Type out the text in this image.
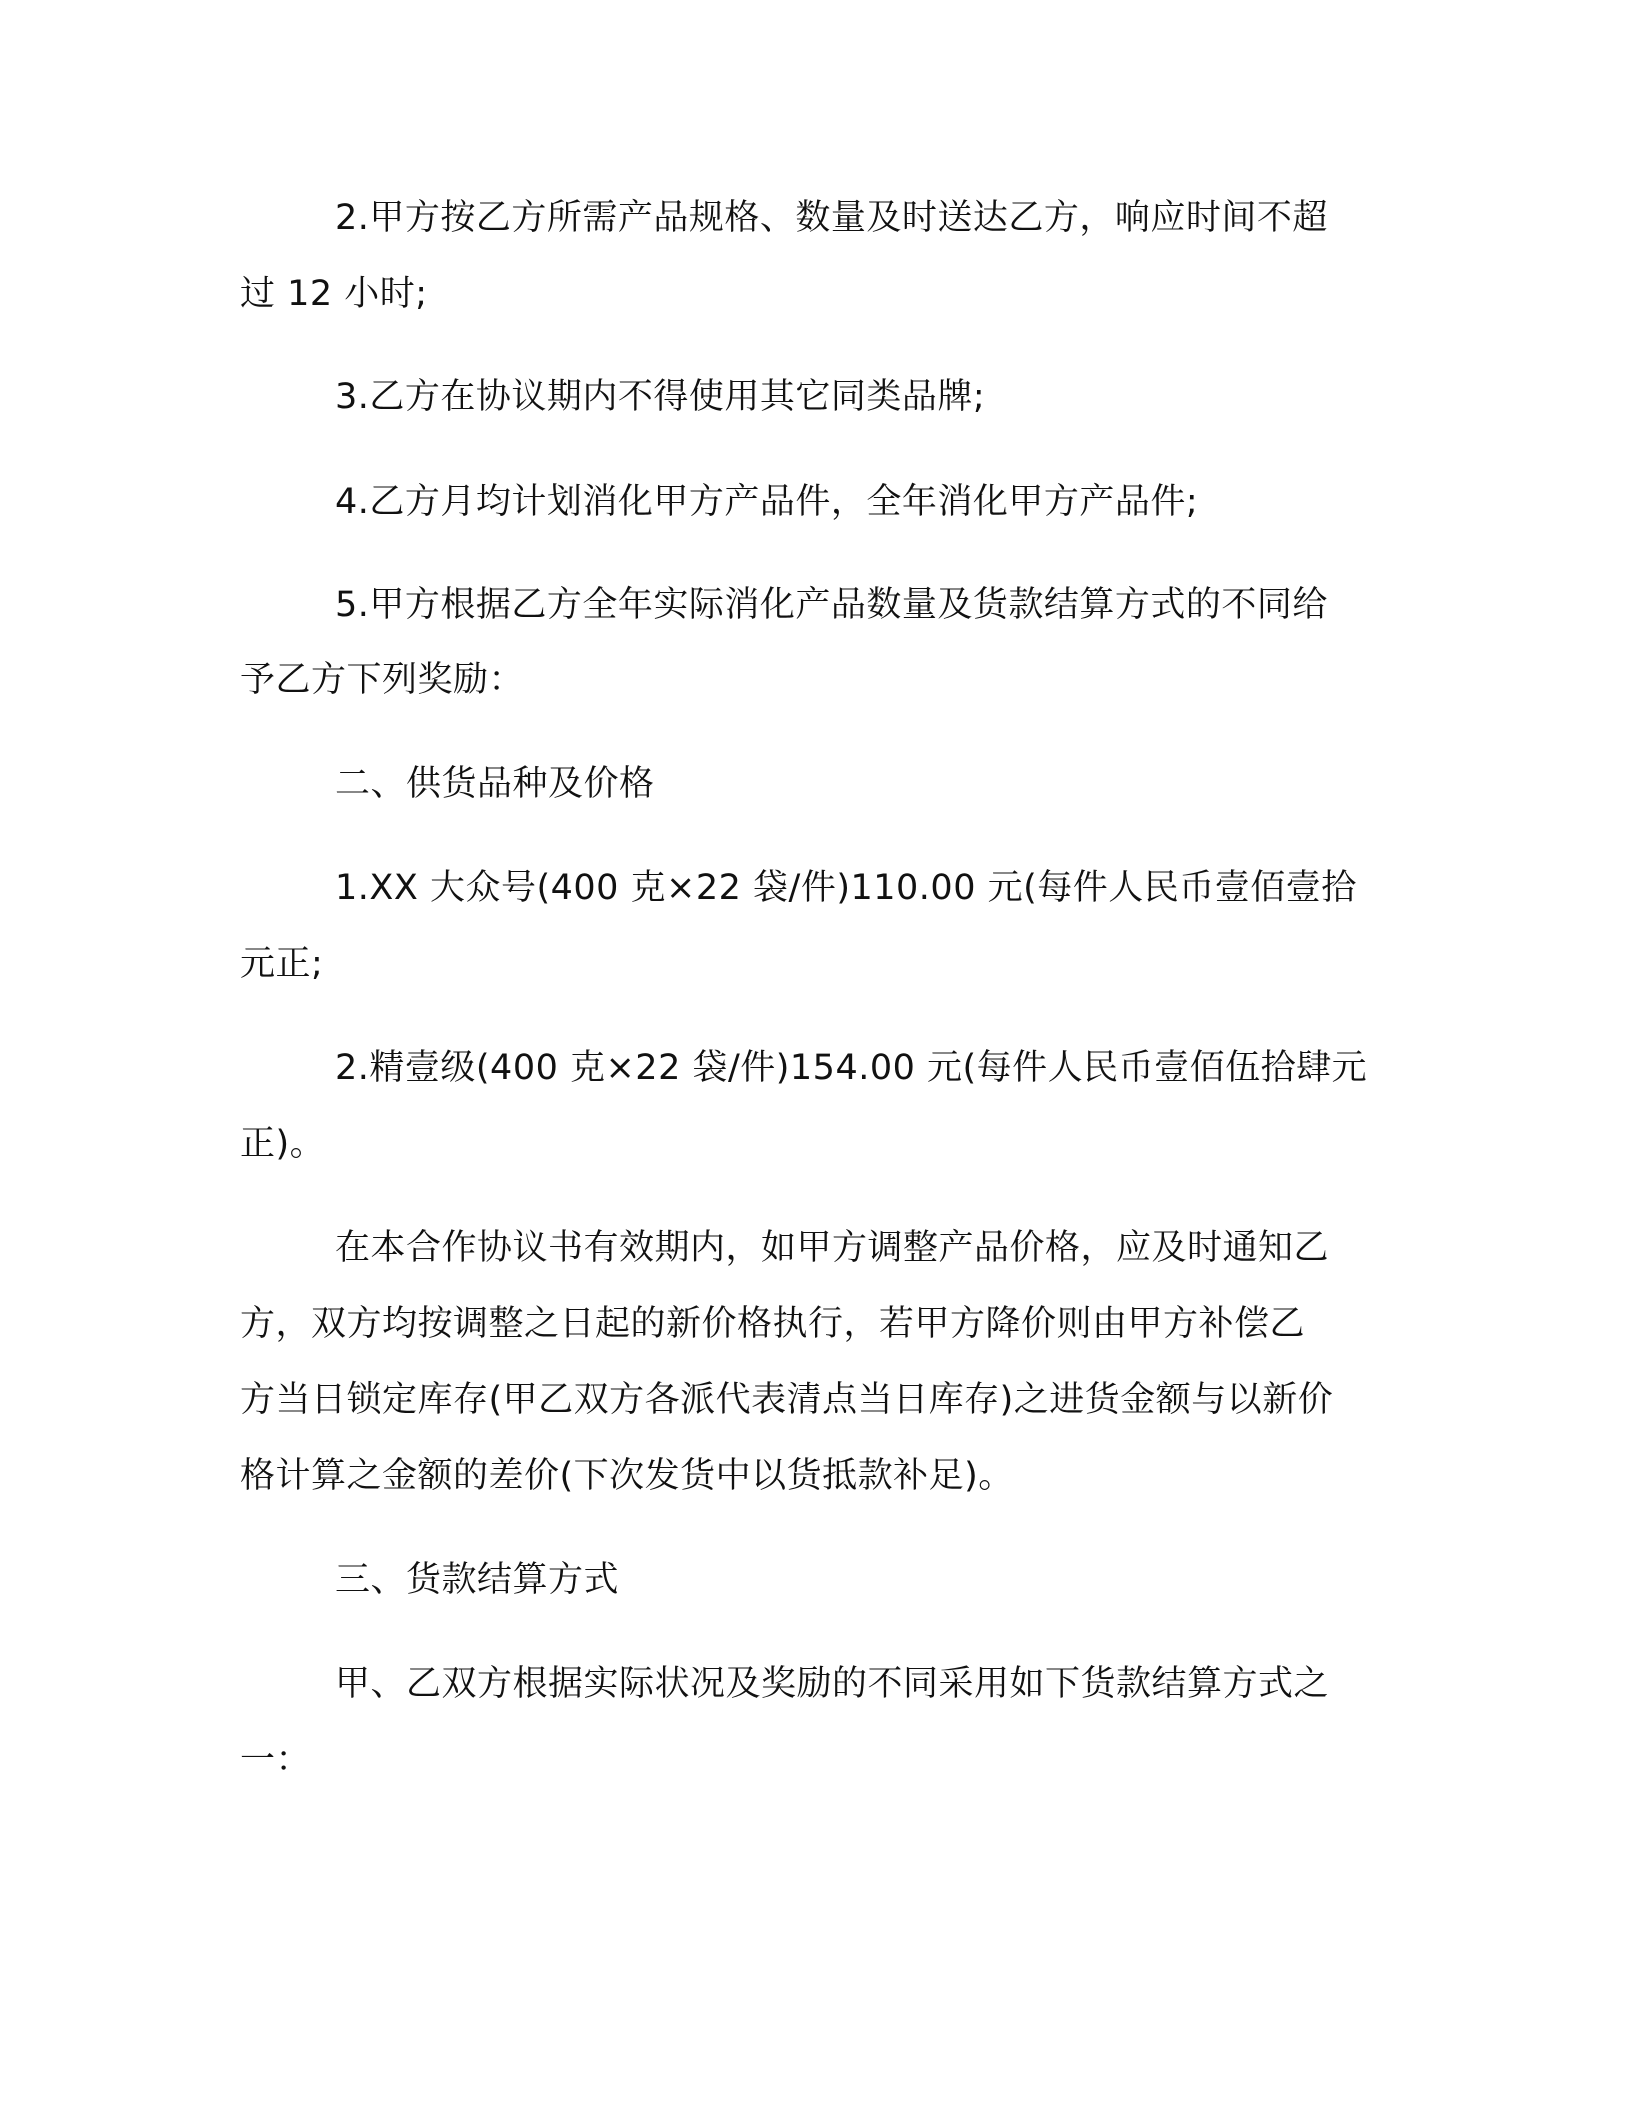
2.甲方按乙方所需产品规格、数量及时送达乙方，响应时间不超
过 12 小时;
3.乙方在协议期内不得使用其它同类品牌;
4.乙方月均计划消化甲方产品件，全年消化甲方产品件;
5.甲方根据乙方全年实际消化产品数量及货款结算方式的不同给
予乙方下列奖励：
二、供货品种及价格
1.XX 大众号(400 克×22 袋/件)110.00 元(每件人民币壹佰壹拾
元正;
2.精壹级(400 克×22 袋/件)154.00 元(每件人民币壹佰伍拾肆元
正)。
在本合作协议书有效期内，如甲方调整产品价格，应及时通知乙
方，双方均按调整之日起的新价格执行，若甲方降价则由甲方补偿乙
方当日锁定库存(甲乙双方各派代表清点当日库存)之进货金额与以新价
格计算之金额的差价(下次发货中以货抵款补足)。
三、货款结算方式
甲、乙双方根据实际状况及奖励的不同采用如下货款结算方式之
一：
